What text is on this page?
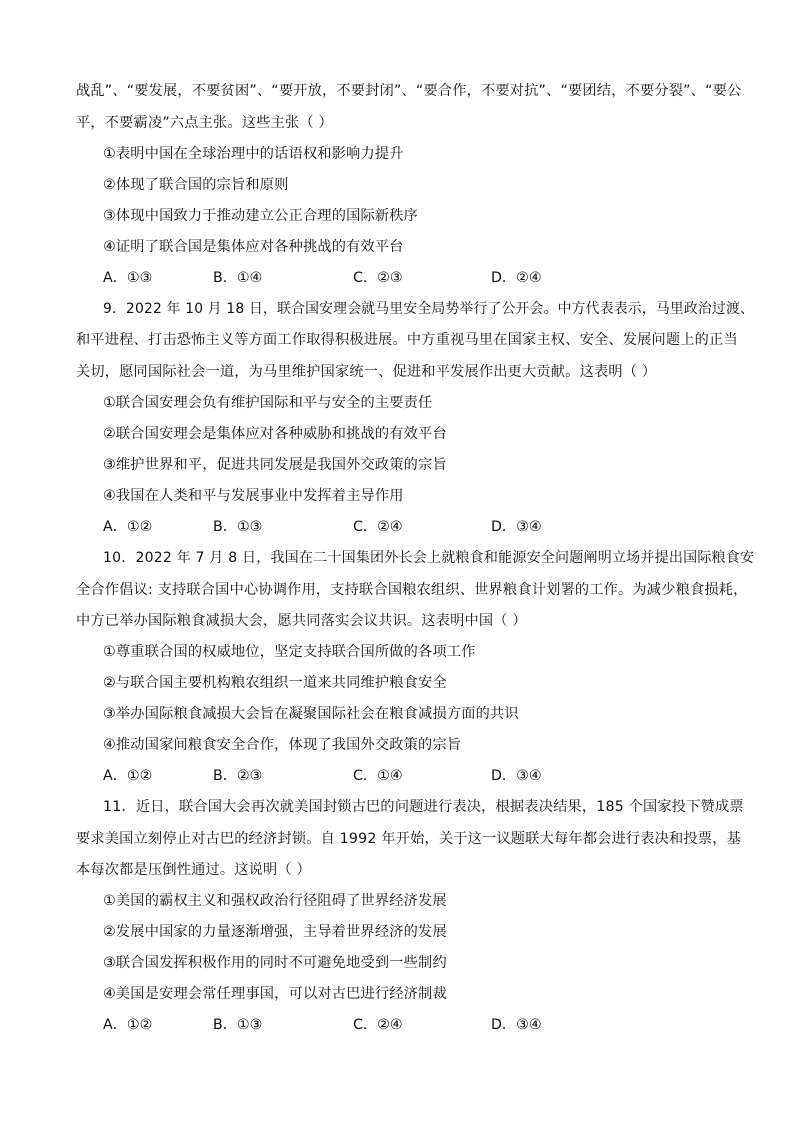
战乱”、“要发展，不要贫困”、“要开放，不要封闭”、“要合作，不要对抗”、“要团结，不要分裂”、“要公
平，不要霸凌”六点主张。这些主张（ ）
①表明中国在全球治理中的话语权和影响力提升
②体现了联合国的宗旨和原则
③体现中国致力于推动建立公正合理的国际新秩序
④证明了联合国是集体应对各种挑战的有效平台
A．①③	B．①④	C．②③	D．②④
9．2022 年 10 月 18 日，联合国安理会就马里安全局势举行了公开会。中方代表表示，马里政治过渡、
和平进程、打击恐怖主义等方面工作取得积极进展。中方重视马里在国家主权、安全、发展问题上的正当
关切，愿同国际社会一道，为马里维护国家统一、促进和平发展作出更大贡献。这表明（ ）
①联合国安理会负有维护国际和平与安全的主要责任
②联合国安理会是集体应对各种威胁和挑战的有效平台
③维护世界和平，促进共同发展是我国外交政策的宗旨
④我国在人类和平与发展事业中发挥着主导作用
A．①②	B．①③	C．②④	D．③④
10．2022 年 7 月 8 日，我国在二十国集团外长会上就粮食和能源安全问题阐明立场并提出国际粮食安
全合作倡议: 支持联合国中心协调作用，支持联合国粮农组织、世界粮食计划署的工作。为减少粮食损耗，
中方已举办国际粮食减损大会，愿共同落实会议共识。这表明中国（ ）
①尊重联合国的权威地位，坚定支持联合国所做的各项工作
②与联合国主要机构粮农组织一道来共同维护粮食安全
③举办国际粮食减损大会旨在凝聚国际社会在粮食减损方面的共识
④推动国家间粮食安全合作，体现了我国外交政策的宗旨
A．①②	B．②③	C．①④	D．③④
11．近日，联合国大会再次就美国封锁古巴的问题进行表决，根据表决结果，185 个国家投下赞成票
要求美国立刻停止对古巴的经济封锁。自 1992 年开始，关于这一议题联大每年都会进行表决和投票，基
本每次都是压倒性通过。这说明（ ）
①美国的霸权主义和强权政治行径阻碍了世界经济发展
②发展中国家的力量逐渐增强，主导着世界经济的发展
③联合国发挥积极作用的同时不可避免地受到一些制约
④美国是安理会常任理事国，可以对古巴进行经济制裁
A．①②	B．①③	C．②④	D．③④
